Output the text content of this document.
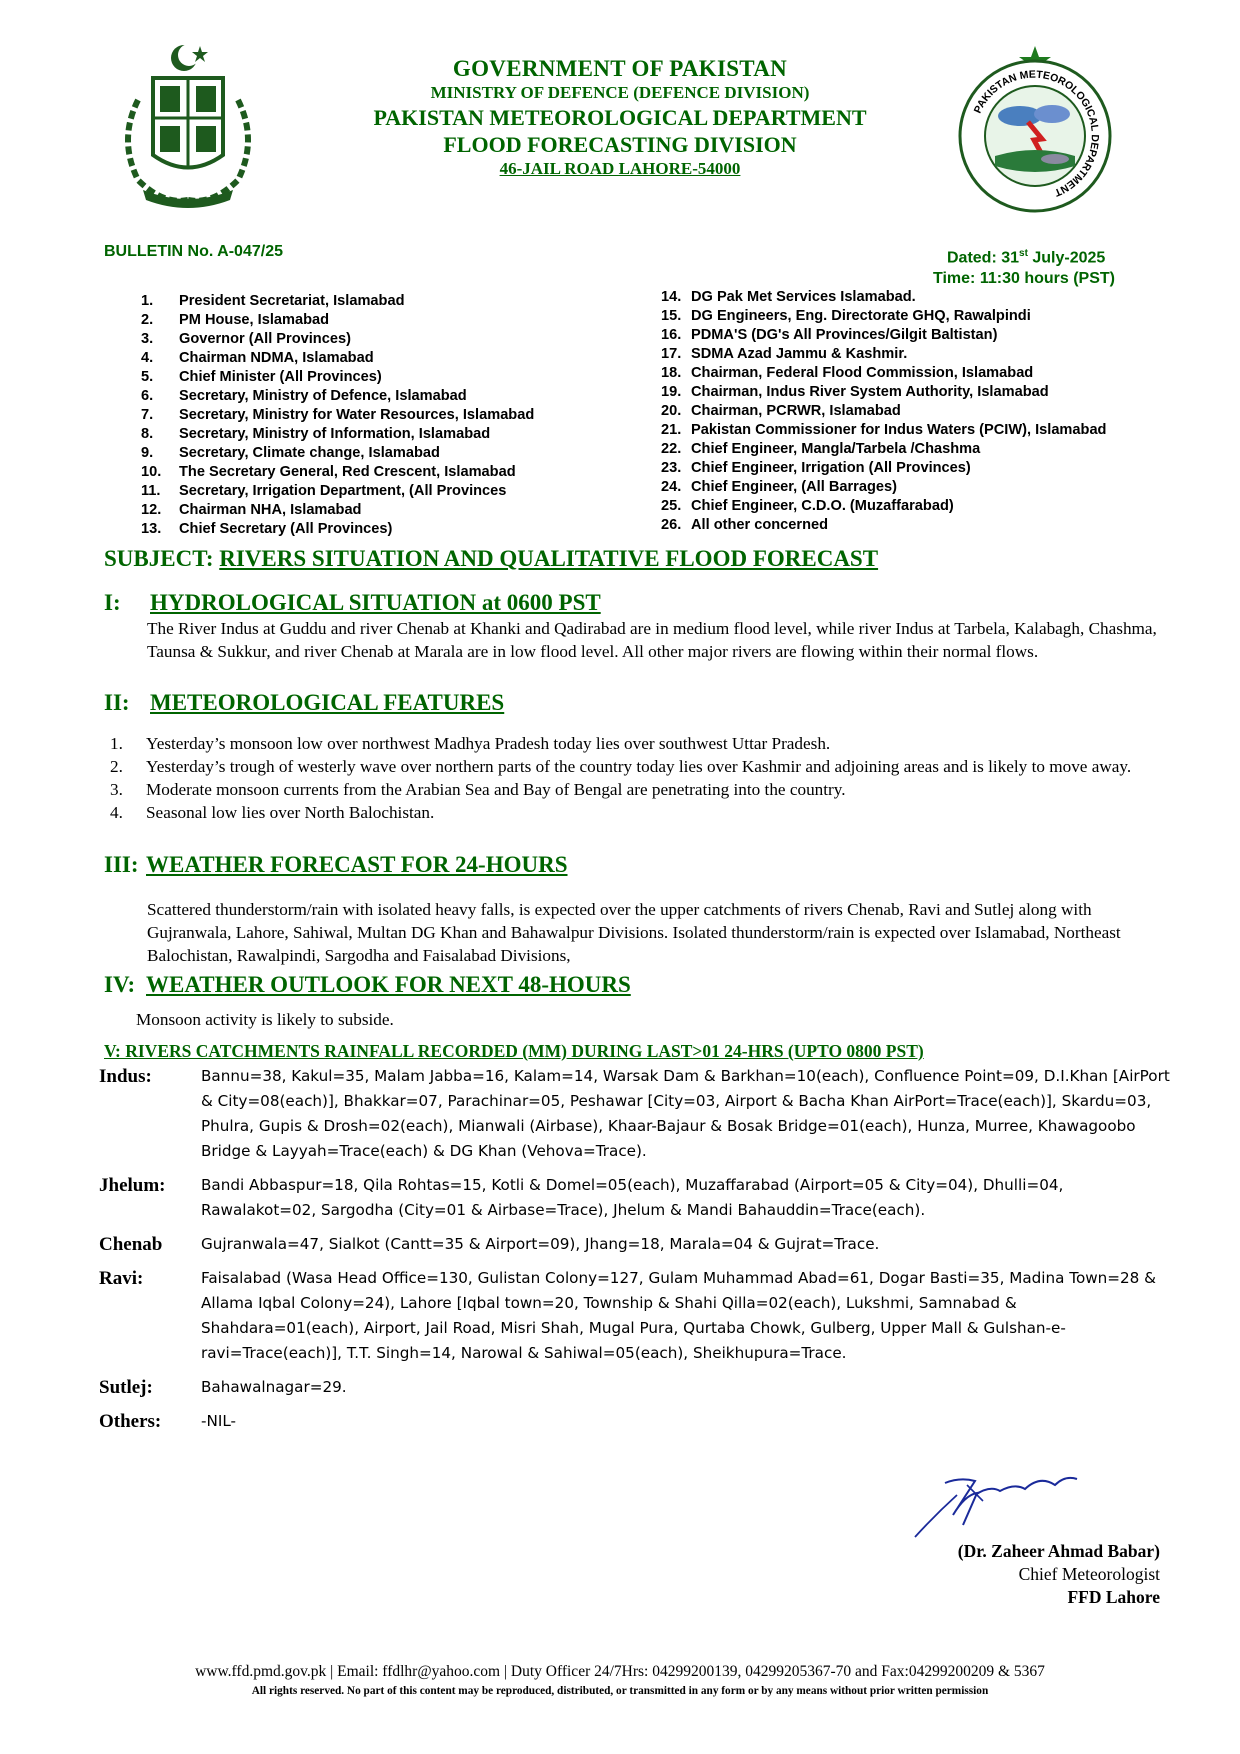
GOVERNMENT OF PAKISTAN
MINISTRY OF DEFENCE (DEFENCE DIVISION)
PAKISTAN METEOROLOGICAL DEPARTMENT
FLOOD FORECASTING DIVISION
46-JAIL ROAD LAHORE-54000
PAKISTAN METEOROLOGICAL DEPARTMENT
BULLETIN No. A-047/25	Dated: 31st July-2025
Time: 11:30 hours (PST)
1. President Secretariat, Islamabad
2. PM House, Islamabad
3. Governor (All Provinces)
4. Chairman NDMA, Islamabad
5. Chief Minister (All Provinces)
6. Secretary, Ministry of Defence, Islamabad
7. Secretary, Ministry for Water Resources, Islamabad
8. Secretary, Ministry of Information, Islamabad
9. Secretary, Climate change, Islamabad
10. The Secretary General, Red Crescent, Islamabad
11. Secretary, Irrigation Department, (All Provinces
12. Chairman NHA, Islamabad
13. Chief Secretary (All Provinces)
14. DG Pak Met Services Islamabad.
15. DG Engineers, Eng. Directorate GHQ, Rawalpindi
16. PDMA'S (DG's All Provinces/Gilgit Baltistan)
17. SDMA Azad Jammu & Kashmir.
18. Chairman, Federal Flood Commission, Islamabad
19. Chairman, Indus River System Authority, Islamabad
20. Chairman, PCRWR, Islamabad
21. Pakistan Commissioner for Indus Waters (PCIW), Islamabad
22. Chief Engineer, Mangla/Tarbela /Chashma
23. Chief Engineer, Irrigation (All Provinces)
24. Chief Engineer, (All Barrages)
25. Chief Engineer, C.D.O. (Muzaffarabad)
26. All other concerned
SUBJECT: RIVERS SITUATION AND QUALITATIVE FLOOD FORECAST
I: HYDROLOGICAL SITUATION at 0600 PST
The River Indus at Guddu and river Chenab at Khanki and Qadirabad are in medium flood level, while river Indus at Tarbela, Kalabagh, Chashma, Taunsa & Sukkur, and river Chenab at Marala are in low flood level. All other major rivers are flowing within their normal flows.
II: METEOROLOGICAL FEATURES
1.	Yesterday’s monsoon low over northwest Madhya Pradesh today lies over southwest Uttar Pradesh.
2.	Yesterday’s trough of westerly wave over northern parts of the country today lies over Kashmir and adjoining areas and is likely to move away.
3.	Moderate monsoon currents from the Arabian Sea and Bay of Bengal are penetrating into the country.
4.	Seasonal low lies over North Balochistan.
III: WEATHER FORECAST FOR 24-HOURS
Scattered thunderstorm/rain with isolated heavy falls, is expected over the upper catchments of rivers Chenab, Ravi and Sutlej along with Gujranwala, Lahore, Sahiwal, Multan DG Khan and Bahawalpur Divisions. Isolated thunderstorm/rain is expected over Islamabad, Northeast Balochistan, Rawalpindi, Sargodha and Faisalabad Divisions,
IV: WEATHER OUTLOOK FOR NEXT 48-HOURS
Monsoon activity is likely to subside.
V: RIVERS CATCHMENTS RAINFALL RECORDED (MM) DURING LAST>01 24-HRS (UPTO 0800 PST)
Indus:	Bannu=38, Kakul=35, Malam Jabba=16, Kalam=14, Warsak Dam & Barkhan=10(each), Confluence Point=09, D.I.Khan [AirPort & City=08(each)], Bhakkar=07, Parachinar=05, Peshawar [City=03, Airport & Bacha Khan AirPort=Trace(each)], Skardu=03, Phulra, Gupis & Drosh=02(each), Mianwali (Airbase), Khaar-Bajaur & Bosak Bridge=01(each), Hunza, Murree, Khawagoobo Bridge & Layyah=Trace(each) & DG Khan (Vehova=Trace).
Jhelum:	Bandi Abbaspur=18, Qila Rohtas=15, Kotli & Domel=05(each), Muzaffarabad (Airport=05 & City=04), Dhulli=04, Rawalakot=02, Sargodha (City=01 & Airbase=Trace), Jhelum & Mandi Bahauddin=Trace(each).
Chenab	Gujranwala=47, Sialkot (Cantt=35 & Airport=09), Jhang=18, Marala=04 & Gujrat=Trace.
Ravi:	Faisalabad (Wasa Head Office=130, Gulistan Colony=127, Gulam Muhammad Abad=61, Dogar Basti=35, Madina Town=28 & Allama Iqbal Colony=24), Lahore [Iqbal town=20, Township & Shahi Qilla=02(each), Lukshmi, Samnabad & Shahdara=01(each), Airport, Jail Road, Misri Shah, Mugal Pura, Qurtaba Chowk, Gulberg, Upper Mall & Gulshan-e- ravi=Trace(each)], T.T. Singh=14, Narowal & Sahiwal=05(each), Sheikhupura=Trace.
Sutlej:	Bahawalnagar=29.
Others:	-NIL-
(Dr. Zaheer Ahmad Babar)
Chief Meteorologist
FFD Lahore
www.ffd.pmd.gov.pk | Email: ffdlhr@yahoo.com | Duty Officer 24/7Hrs: 04299200139, 04299205367-70 and Fax:04299200209 & 5367
All rights reserved. No part of this content may be reproduced, distributed, or transmitted in any form or by any means without prior written permission
